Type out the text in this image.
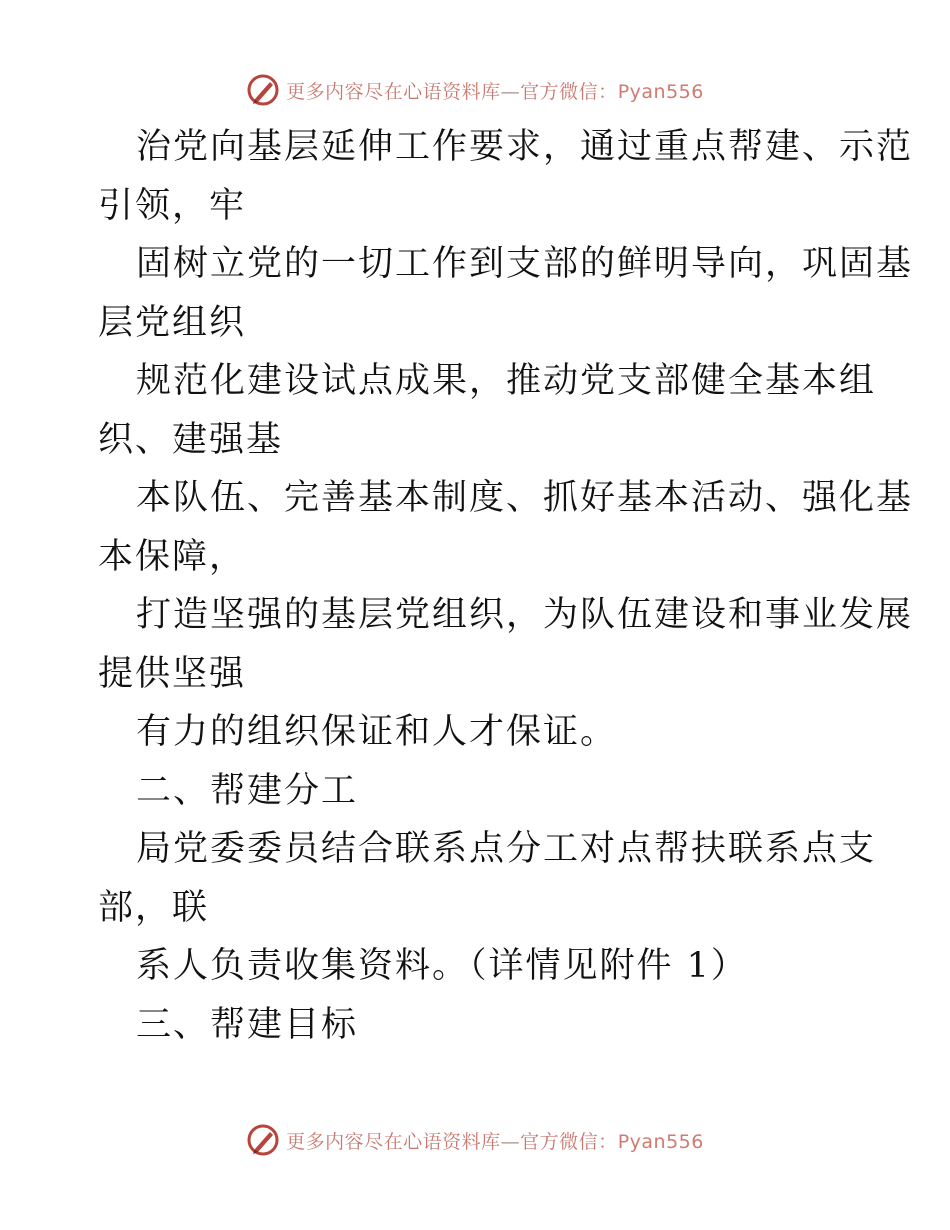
更多内容尽在心语资料库—官方微信：Pyan556
治党向基层延伸工作要求，通过重点帮建、示范
引领，牢
固树立党的一切工作到支部的鲜明导向，巩固基
层党组织
规范化建设试点成果，推动党支部健全基本组
织、建强基
本队伍、完善基本制度、抓好基本活动、强化基
本保障，
打造坚强的基层党组织，为队伍建设和事业发展
提供坚强
有力的组织保证和人才保证。
二、帮建分工
局党委委员结合联系点分工对点帮扶联系点支
部，联
系人负责收集资料。（详情见附件 1）
三、帮建目标
更多内容尽在心语资料库—官方微信：Pyan556
